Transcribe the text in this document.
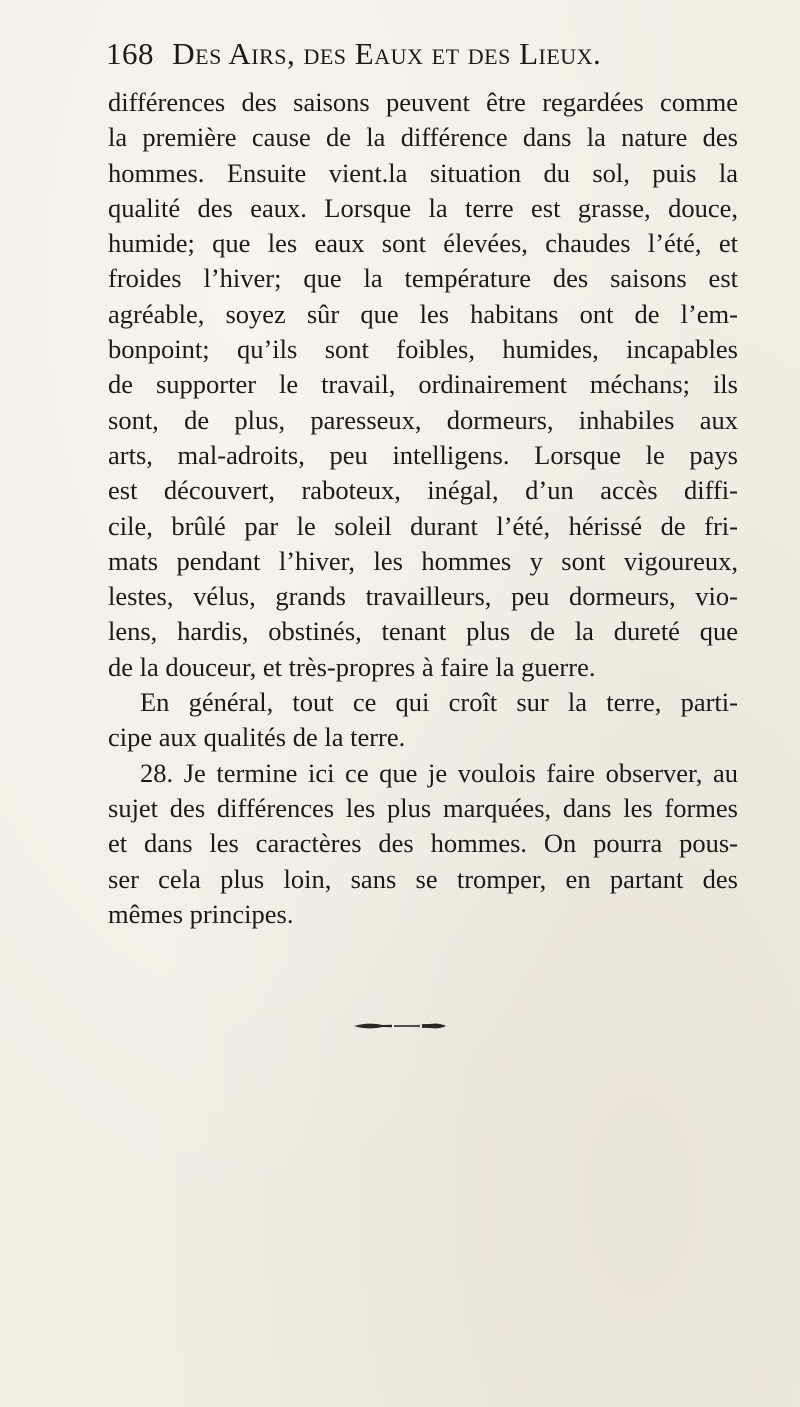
168 Des Airs, des Eaux et des Lieux.
différences des saisons peuvent être regardées comme
la première cause de la différence dans la nature des
hommes. Ensuite vient.la situation du sol, puis la
qualité des eaux. Lorsque la terre est grasse, douce,
humide; que les eaux sont élevées, chaudes l’été, et
froides l’hiver; que la température des saisons est
agréable, soyez sûr que les habitans ont de l’em-
bonpoint; qu’ils sont foibles, humides, incapables
de supporter le travail, ordinairement méchans; ils
sont, de plus, paresseux, dormeurs, inhabiles aux
arts, mal-adroits, peu intelligens. Lorsque le pays
est découvert, raboteux, inégal, d’un accès diffi-
cile, brûlé par le soleil durant l’été, hérissé de fri-
mats pendant l’hiver, les hommes y sont vigoureux,
lestes, vélus, grands travailleurs, peu dormeurs, vio-
lens, hardis, obstinés, tenant plus de la dureté que
de la douceur, et très-propres à faire la guerre.
En général, tout ce qui croît sur la terre, parti-
cipe aux qualités de la terre.
28. Je termine ici ce que je voulois faire observer, au
sujet des différences les plus marquées, dans les formes
et dans les caractères des hommes. On pourra pous-
ser cela plus loin, sans se tromper, en partant des
mêmes principes.
